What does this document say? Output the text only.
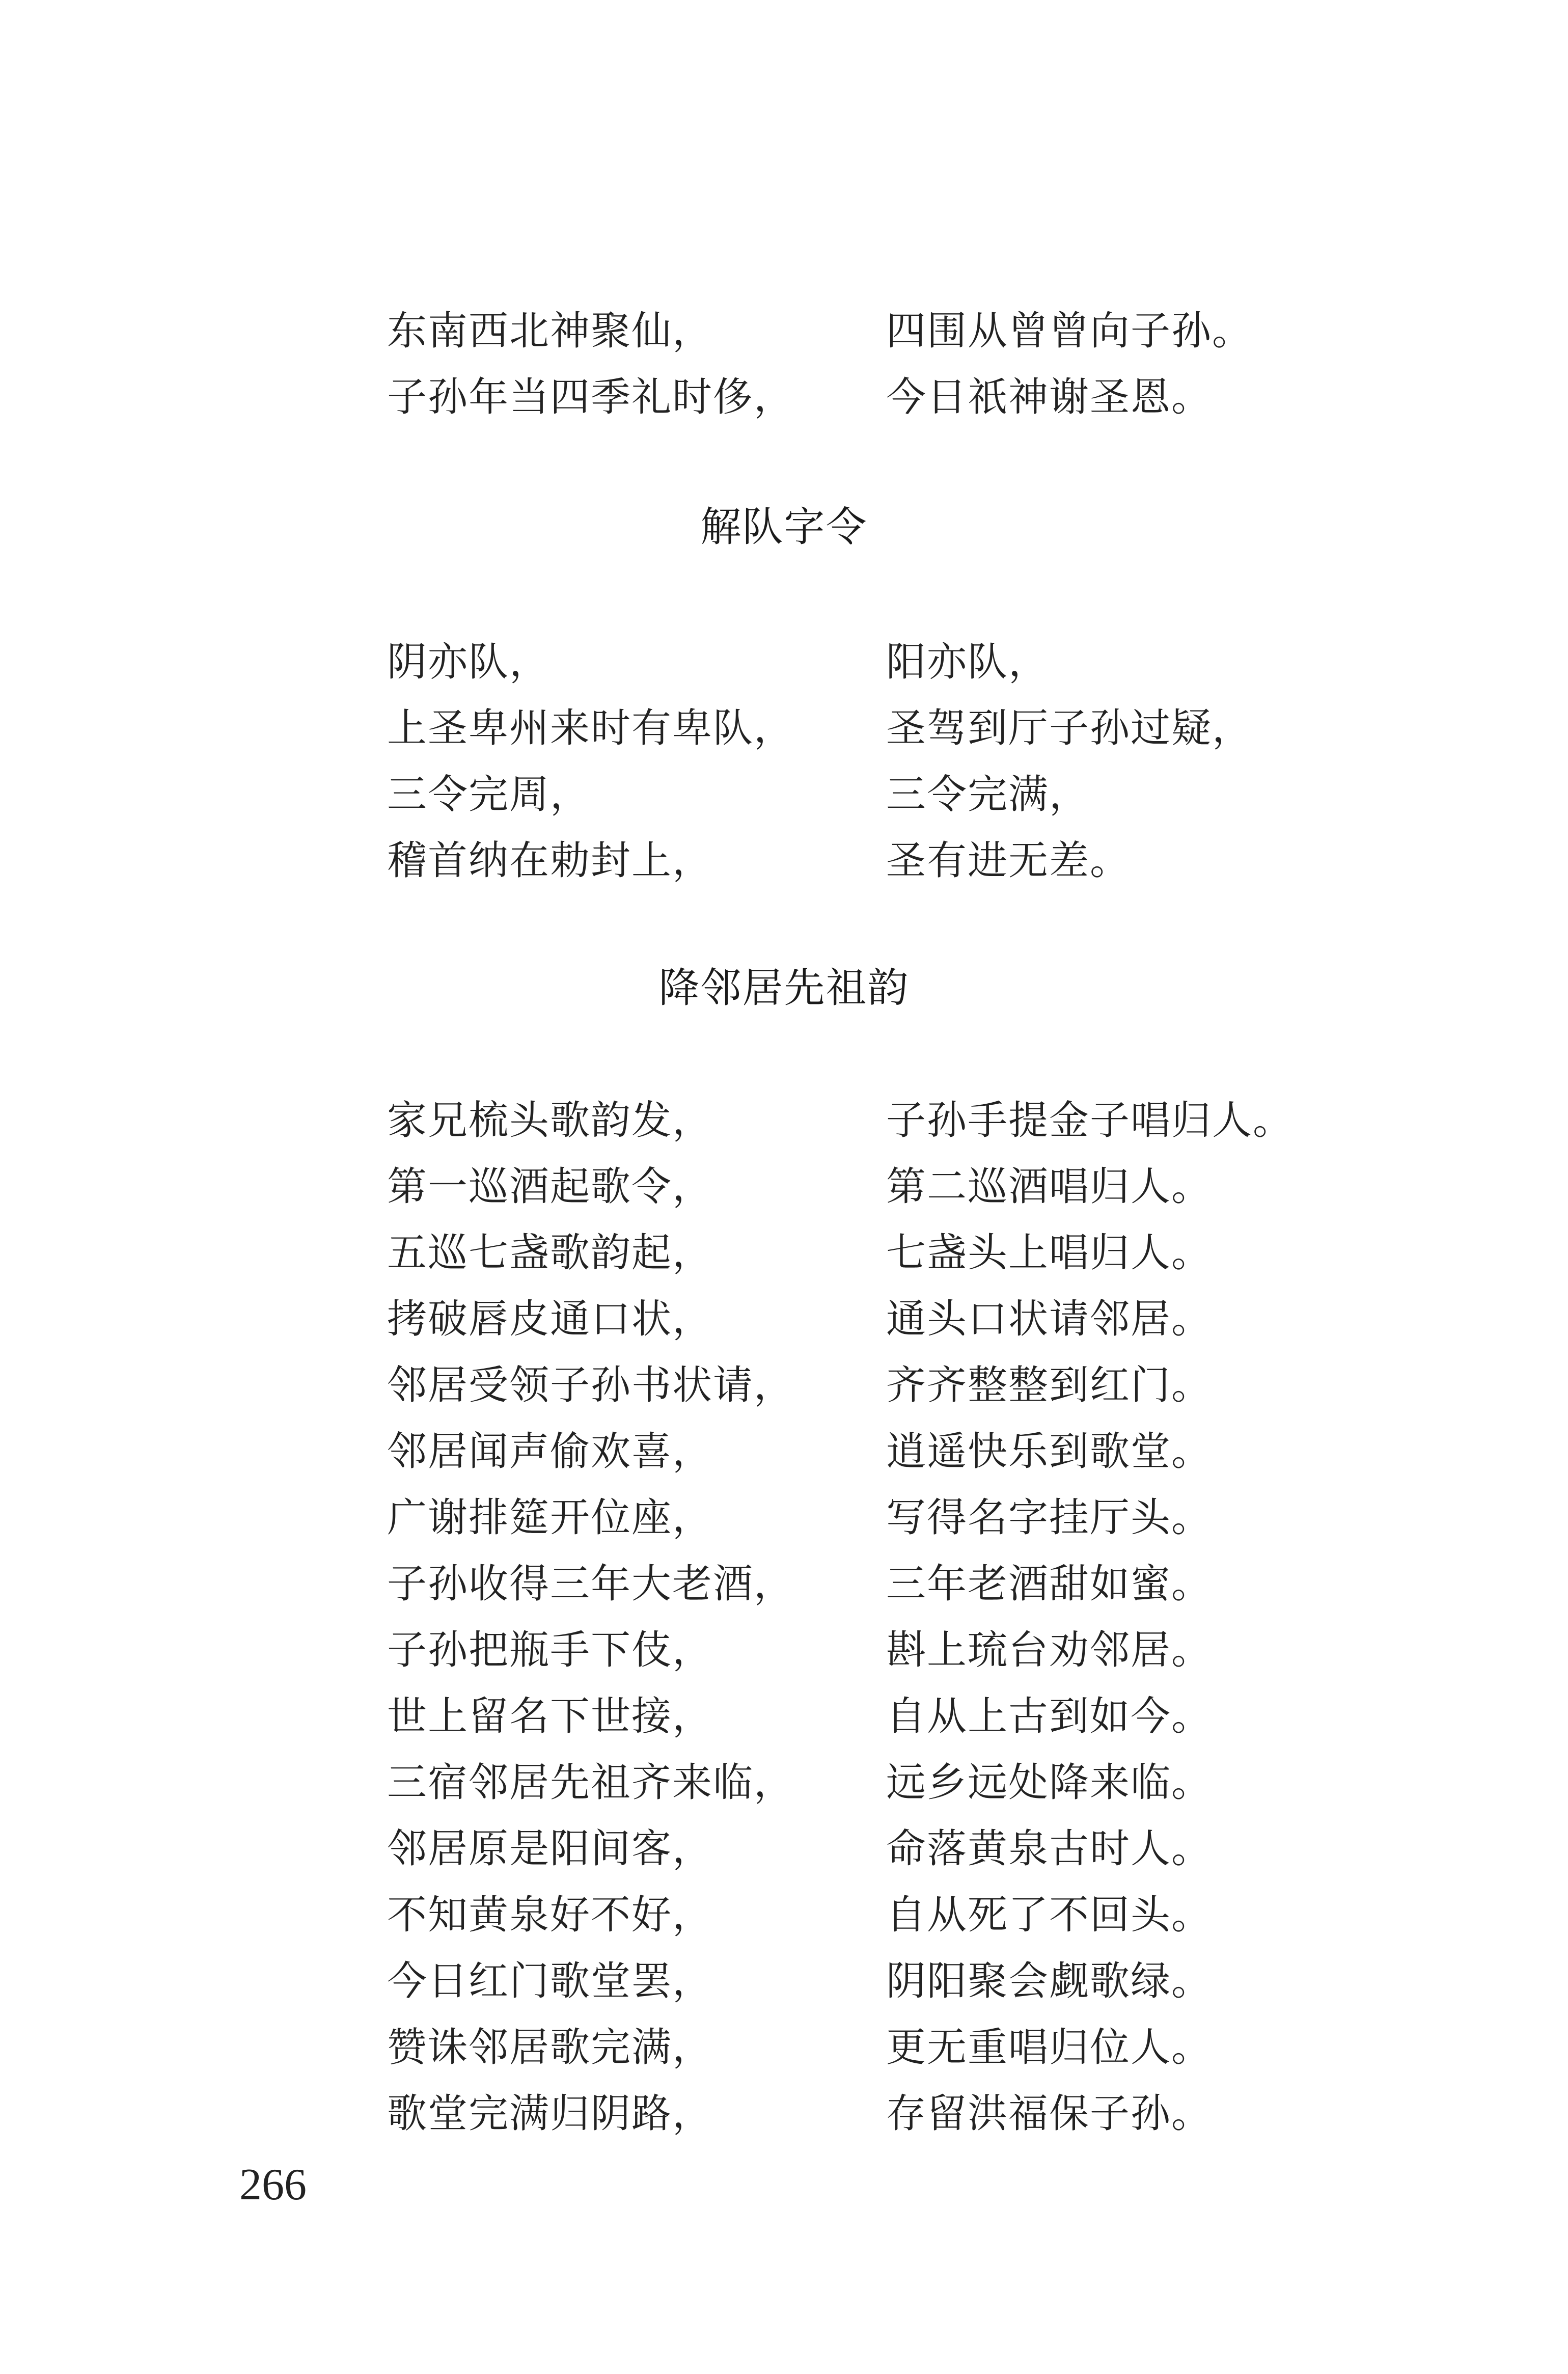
东南西北神聚仙，	四围从曾曾向子孙。
子孙年当四季礼时侈， 今日祇神谢圣恩。
解队字令
阴亦队，	阳亦队，
上圣卑州来时有卑队， 圣驾到厅子孙过疑，
三令完周，	三令完满，
稽首纳在勅封上，	圣有进无差。
降邻居先祖韵
家兄梳头歌韵发，	子孙手提金子唱归人。
第一巡酒起歌令，	第二巡酒唱归人。
五巡七盏歌韵起，	七盏头上唱归人。
拷破唇皮通口状，	通头口状请邻居。
邻居受领子孙书状请， 齐齐整整到红门。
邻居闻声偷欢喜，	逍遥快乐到歌堂。
广谢排筵开位座，	写得名字挂厅头。
子孙收得三年大老酒， 三年老酒甜如蜜。
子孙把瓶手下伎，	斟上琉台劝邻居。
世上留名下世接，	自从上古到如今。
三宿邻居先祖齐来临， 远乡远处降来临。
邻居原是阳间客，	命落黄泉古时人。
不知黄泉好不好，	自从死了不回头。
今日红门歌堂罢，	阴阳聚会觑歌绿。
赞诛邻居歌完满，	更无重唱归位人。
歌堂完满归阴路，	存留洪福保子孙。
266
